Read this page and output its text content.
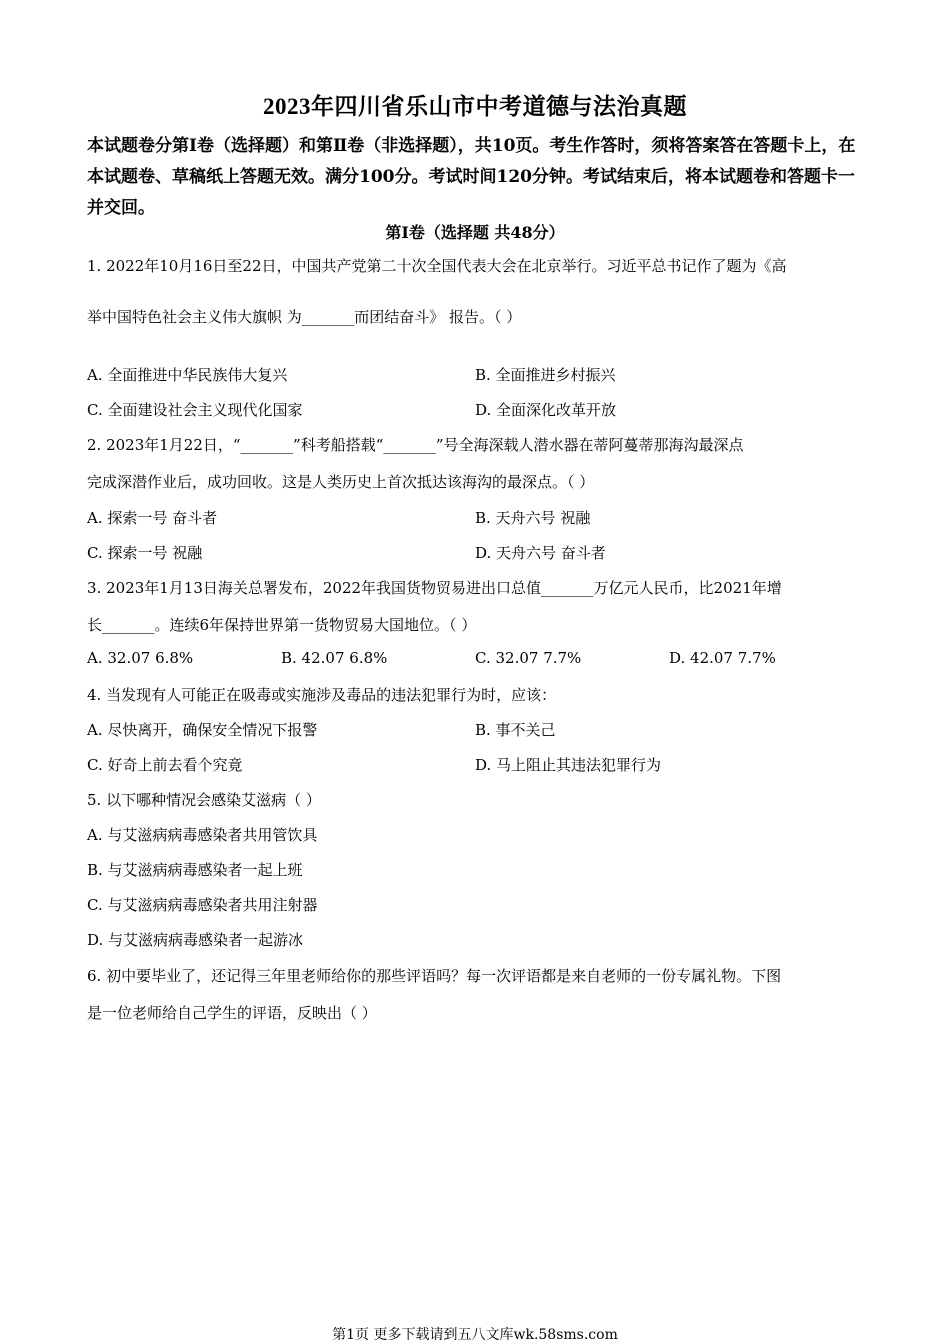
2023年四川省乐山市中考道德与法治真题
本试题卷分第Ⅰ卷（选择题）和第Ⅱ卷（非选择题），共10页。考生作答时，须将答案答在答题卡上，在本试题卷、草稿纸上答题无效。满分100分。考试时间120分钟。考试结束后，将本试题卷和答题卡一并交回。
第Ⅰ卷（选择题 共48分）
1. 2022年10月16日至22日，中国共产党第二十次全国代表大会在北京举行。习近平总书记作了题为《高
举中国特色社会主义伟大旗帜 为_______而团结奋斗》 报告。（ ）
A. 全面推进中华民族伟大复兴	B. 全面推进乡村振兴
C. 全面建设社会主义现代化国家	D. 全面深化改革开放
2. 2023年1月22日，“_______”科考船搭载“_______”号全海深载人潜水器在蒂阿蔓蒂那海沟最深点
完成深潜作业后，成功回收。这是人类历史上首次抵达该海沟的最深点。（ ）
A. 探索一号 奋斗者	B. 天舟六号 祝融
C. 探索一号 祝融	D. 天舟六号 奋斗者
3. 2023年1月13日海关总署发布，2022年我国货物贸易进出口总值_______万亿元人民币，比2021年增
长_______。连续6年保持世界第一货物贸易大国地位。（ ）
A. 32.07 6.8%	B. 42.07 6.8%	C. 32.07 7.7%	D. 42.07 7.7%
4. 当发现有人可能正在吸毒或实施涉及毒品的违法犯罪行为时，应该：
A. 尽快离开，确保安全情况下报警	B. 事不关己
C. 好奇上前去看个究竟	D. 马上阻止其违法犯罪行为
5. 以下哪种情况会感染艾滋病（ ）
A. 与艾滋病病毒感染者共用管饮具
B. 与艾滋病病毒感染者一起上班
C. 与艾滋病病毒感染者共用注射器
D. 与艾滋病病毒感染者一起游冰
6. 初中要毕业了，还记得三年里老师给你的那些评语吗？每一次评语都是来自老师的一份专属礼物。下图
是一位老师给自己学生的评语，反映出（ ）
第1页 更多下载请到五八文库wk.58sms.com
